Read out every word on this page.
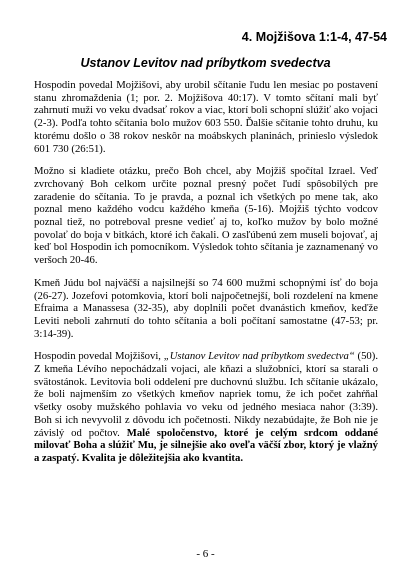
4. Mojžišova 1:1-4, 47-54
Ustanov Levitov nad príbytkom svedectva

Hospodin povedal Mojžišovi, aby urobil sčítanie ľudu len mesiac po postavení stanu zhromaždenia (1; por. 2. Mojžišova 40:17). V tomto sčítaní mali byť zahrnutí muži vo veku dvadsať rokov a viac, ktorí boli schopní slúžiť ako vojaci (2-3). Podľa tohto sčítania bolo mužov 603 550. Ďalšie sčítanie tohto druhu, ku ktorému došlo o 38 rokov neskôr na moábskych planinách, prinieslo výsledok 601 730 (26:51).

Možno si kladiete otázku, prečo Boh chcel, aby Mojžiš spočítal Izrael. Veď zvrchovaný Boh celkom určite poznal presný počet ľudí spôsobilých pre zaradenie do sčítania. To je pravda, a poznal ich všetkých po mene tak, ako poznal meno každého vodcu každého kmeňa (5-16). Mojžiš týchto vodcov poznal tiež, no potreboval presne vedieť aj to, koľko mužov by bolo možné povolať do boja v bitkách, ktoré ich čakali. O zasľúbenú zem museli bojovať, aj keď bol Hospodin ich pomocníkom. Výsledok tohto sčítania je zaznamenaný vo veršoch 20-46.

Kmeň Júdu bol najväčší a najsilnejší so 74 600 mužmi schopnými ísť do boja (26-27). Jozefovi potomkovia, ktorí boli najpočetnejší, boli rozdelení na kmene Efraima a Manassesa (32-35), aby doplnili počet dvanástich kmeňov, keďže Leviti neboli zahrnutí do tohto sčítania a boli počítaní samostatne (47-53; pr. 3:14-39).

Hospodin povedal Mojžišovi, „Ustanov Levitov nad príbytkom svedectva“ (50). Z kmeňa Lévího nepochádzali vojaci, ale kňazi a služobníci, ktorí sa starali o svätostánok. Levitovia boli oddelení pre duchovnú službu. Ich sčítanie ukázalo, že boli najmenším zo všetkých kmeňov napriek tomu, že ich počet zahŕňal všetky osoby mužského pohlavia vo veku od jedného mesiaca nahor (3:39). Boh si ich nevyvolil z dôvodu ich početnosti. Nikdy nezabúdajte, že Boh nie je závislý od počtov. Malé spoločenstvo, ktoré je celým srdcom oddané milovať Boha a slúžiť Mu, je silnejšie ako oveľa väčší zbor, ktorý je vlažný a zaspatý. Kvalita je dôležitejšia ako kvantita.

- 6 -
